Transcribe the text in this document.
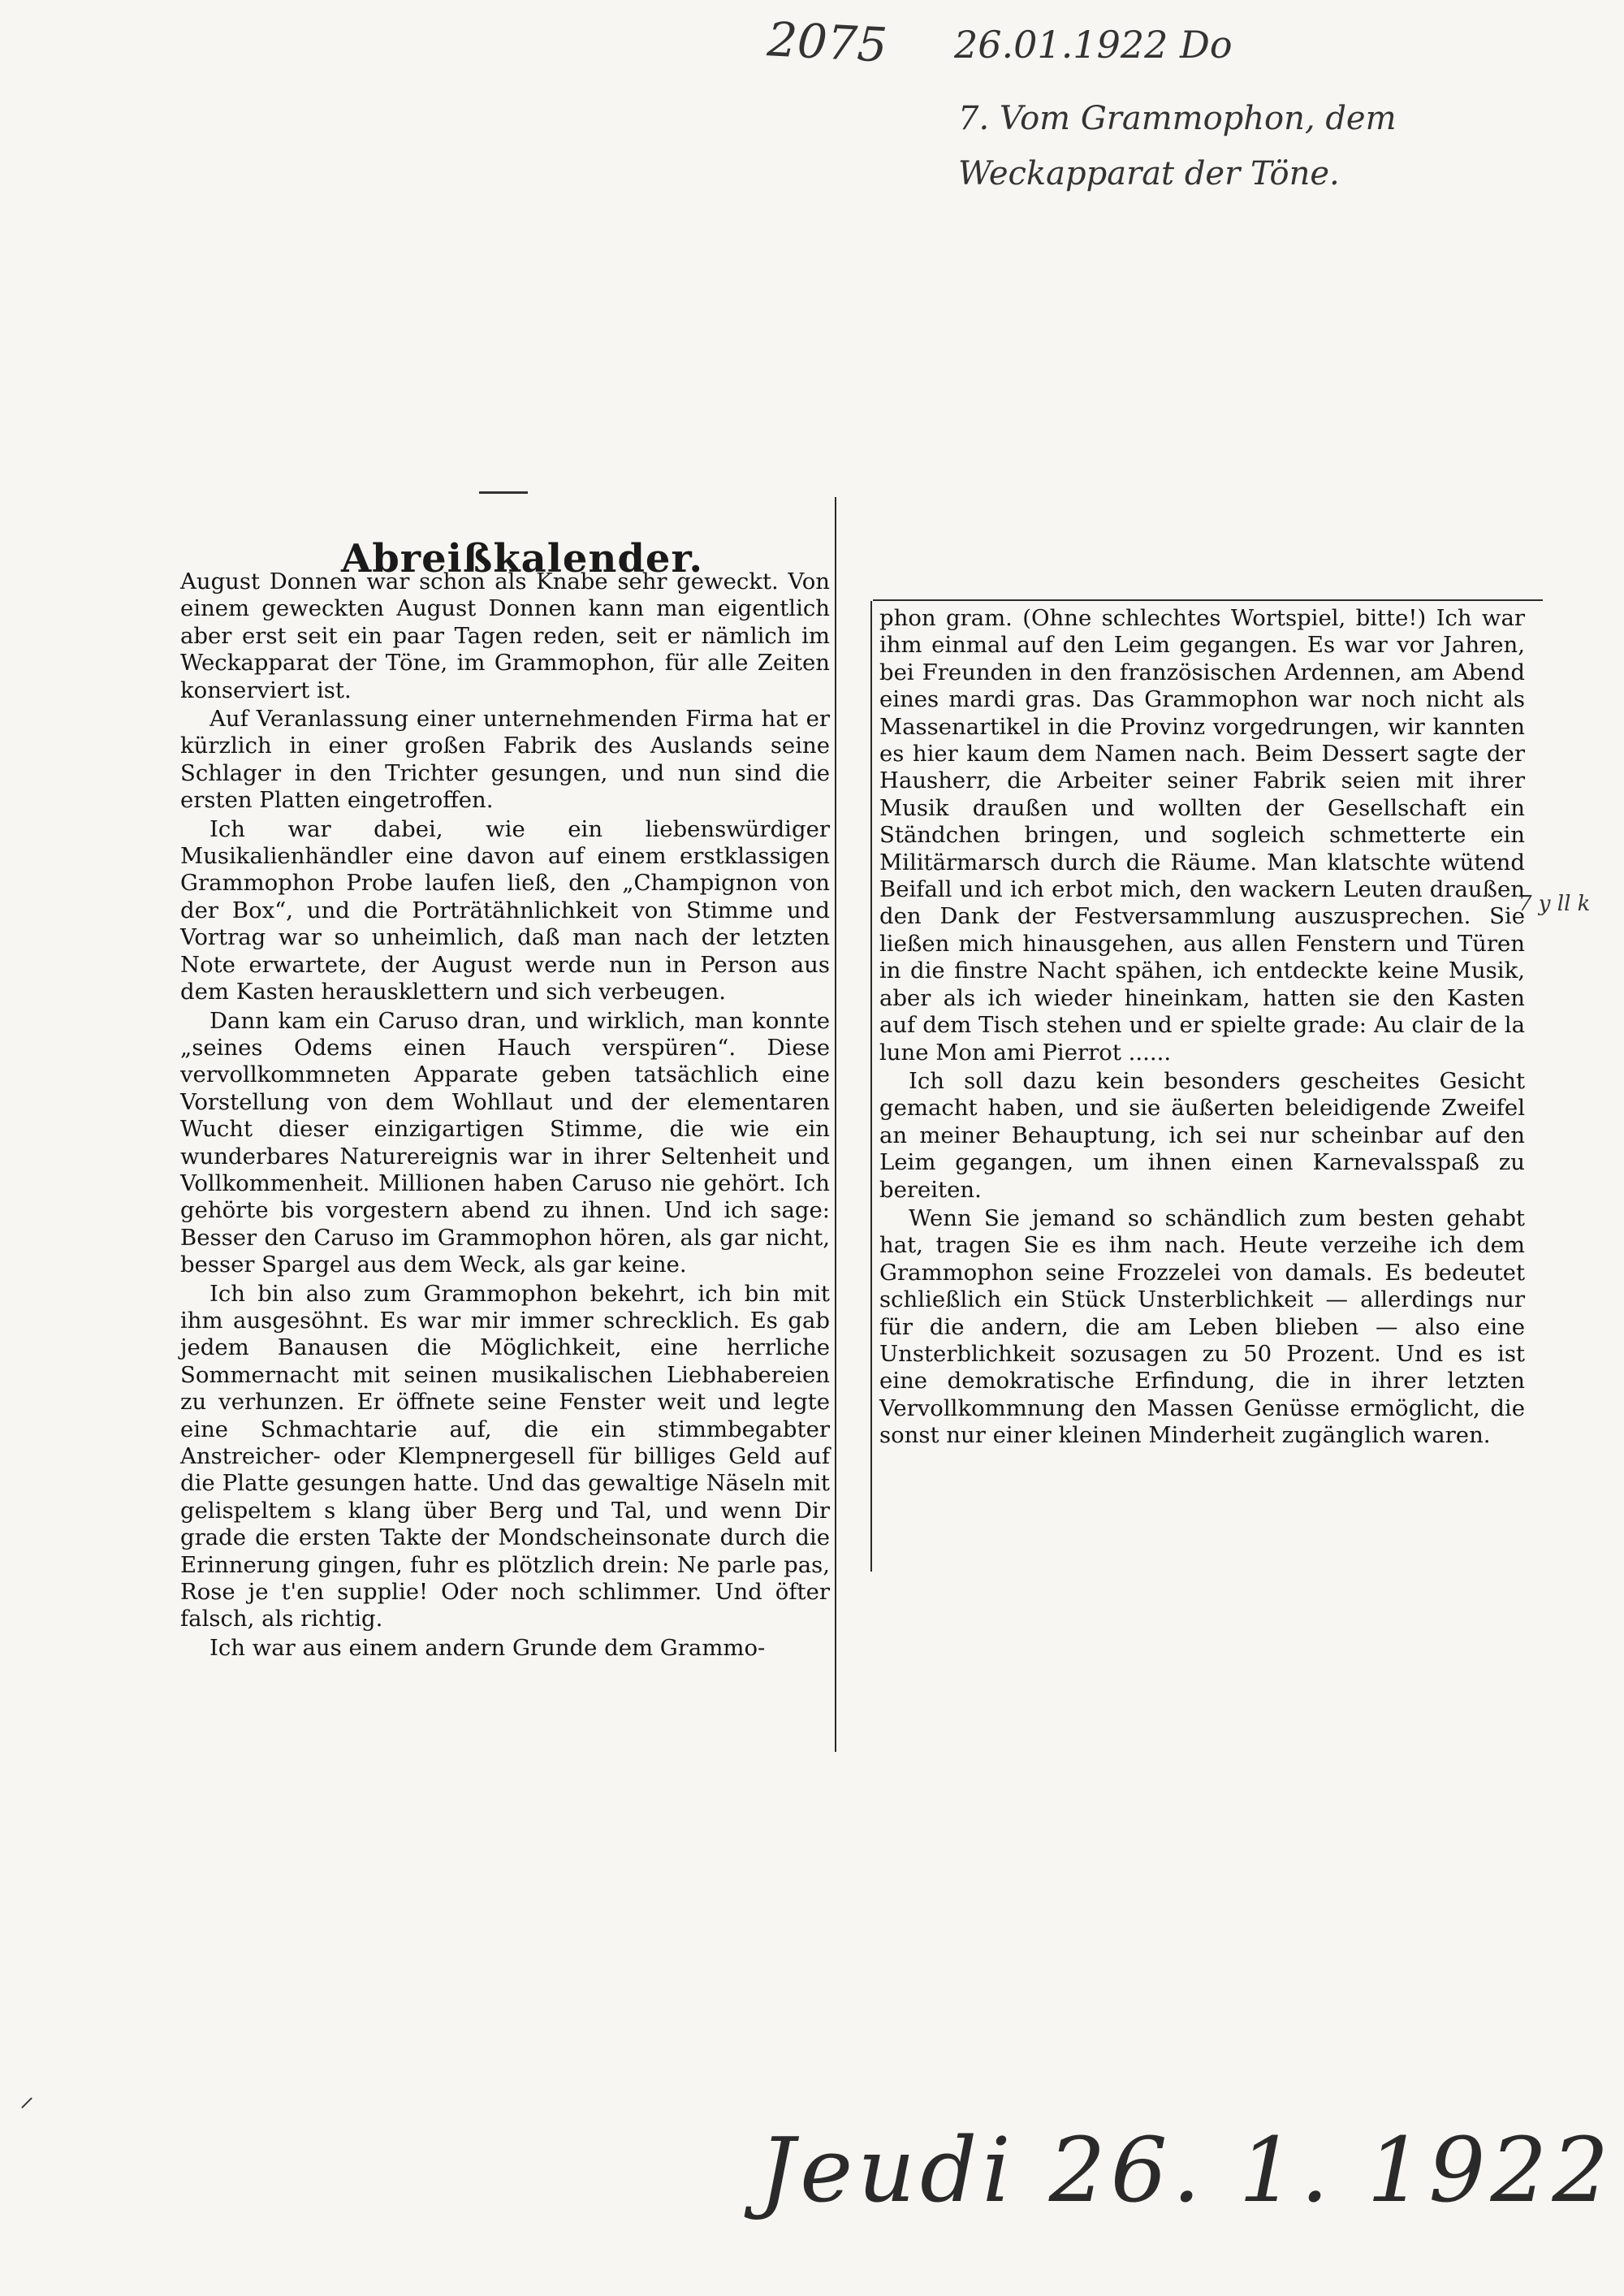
2075 26.01.1922 Do
7. Vom Grammophon, dem Weckapparat der Töne.
7 y ll k
⸝
Abreißkalender.

August Donnen war schon als Knabe sehr geweckt. Von einem geweckten August Donnen kann man eigentlich aber erst seit ein paar Tagen reden, seit er nämlich im Weckapparat der Töne, im Grammophon, für alle Zeiten konserviert ist.

Auf Veranlassung einer unternehmenden Firma hat er kürzlich in einer großen Fabrik des Auslands seine Schlager in den Trichter gesungen, und nun sind die ersten Platten eingetroffen.

Ich war dabei, wie ein liebenswürdiger Musikalienhändler eine davon auf einem erstklassigen Grammophon Probe laufen ließ, den „Champignon von der Box“, und die Porträtähnlichkeit von Stimme und Vortrag war so unheimlich, daß man nach der letzten Note erwartete, der August werde nun in Person aus dem Kasten herausklettern und sich verbeugen.

Dann kam ein Caruso dran, und wirklich, man konnte „seines Odems einen Hauch verspüren“. Diese vervollkommneten Apparate geben tatsächlich eine Vorstellung von dem Wohllaut und der elementaren Wucht dieser einzigartigen Stimme, die wie ein wunderbares Naturereignis war in ihrer Seltenheit und Vollkommenheit. Millionen haben Caruso nie gehört. Ich gehörte bis vorgestern abend zu ihnen. Und ich sage: Besser den Caruso im Grammophon hören, als gar nicht, besser Spargel aus dem Weck, als gar keine.

Ich bin also zum Grammophon bekehrt, ich bin mit ihm ausgesöhnt. Es war mir immer schrecklich. Es gab jedem Banausen die Möglichkeit, eine herrliche Sommernacht mit seinen musikalischen Liebhabereien zu verhunzen. Er öffnete seine Fenster weit und legte eine Schmachtarie auf, die ein stimmbegabter Anstreicher- oder Klempnergesell für billiges Geld auf die Platte gesungen hatte. Und das gewaltige Näseln mit gelispeltem s klang über Berg und Tal, und wenn Dir grade die ersten Takte der Mondscheinsonate durch die Erinnerung gingen, fuhr es plötzlich drein: Ne parle pas, Rose je t'en supplie! Oder noch schlimmer. Und öfter falsch, als richtig.

Ich war aus einem andern Grunde dem Grammo-

phon gram. (Ohne schlechtes Wortspiel, bitte!) Ich war ihm einmal auf den Leim gegangen. Es war vor Jahren, bei Freunden in den französischen Ardennen, am Abend eines mardi gras. Das Grammophon war noch nicht als Massenartikel in die Provinz vorgedrungen, wir kannten es hier kaum dem Namen nach. Beim Dessert sagte der Hausherr, die Arbeiter seiner Fabrik seien mit ihrer Musik draußen und wollten der Gesellschaft ein Ständchen bringen, und sogleich schmetterte ein Militärmarsch durch die Räume. Man klatschte wütend Beifall und ich erbot mich, den wackern Leuten draußen den Dank der Festversammlung auszusprechen. Sie ließen mich hinausgehen, aus allen Fenstern und Türen in die finstre Nacht spähen, ich entdeckte keine Musik, aber als ich wieder hineinkam, hatten sie den Kasten auf dem Tisch stehen und er spielte grade: Au clair de la lune Mon ami Pierrot ......

Ich soll dazu kein besonders gescheites Gesicht gemacht haben, und sie äußerten beleidigende Zweifel an meiner Behauptung, ich sei nur scheinbar auf den Leim gegangen, um ihnen einen Karnevalsspaß zu bereiten.

Wenn Sie jemand so schändlich zum besten gehabt hat, tragen Sie es ihm nach. Heute verzeihe ich dem Grammophon seine Frozzelei von damals. Es bedeutet schließlich ein Stück Unsterblichkeit — allerdings nur für die andern, die am Leben blieben — also eine Unsterblichkeit sozusagen zu 50 Prozent. Und es ist eine demokratische Erfindung, die in ihrer letzten Vervollkommnung den Massen Genüsse ermöglicht, die sonst nur einer kleinen Minderheit zugänglich waren.

Jeudi 26. 1. 1922
